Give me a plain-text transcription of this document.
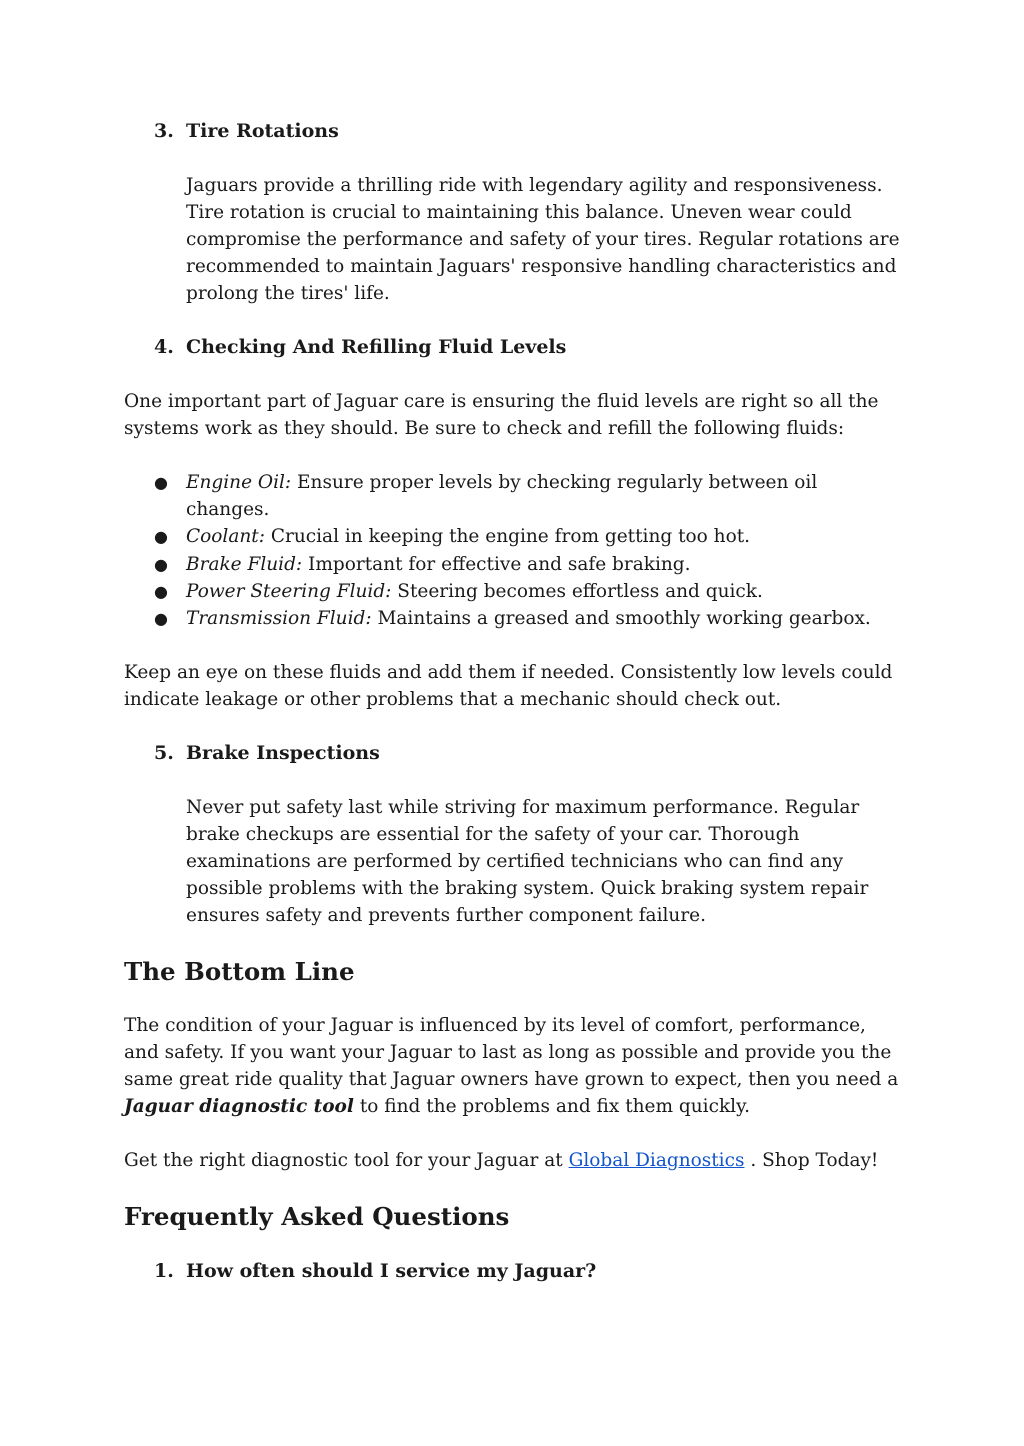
3. Tire Rotations

Jaguars provide a thrilling ride with legendary agility and responsiveness. Tire rotation is crucial to maintaining this balance. Uneven wear could compromise the performance and safety of your tires. Regular rotations are recommended to maintain Jaguars' responsive handling characteristics and prolong the tires' life.

4. Checking And Refilling Fluid Levels

One important part of Jaguar care is ensuring the fluid levels are right so all the systems work as they should. Be sure to check and refill the following fluids:

● Engine Oil: Ensure proper levels by checking regularly between oil changes.
● Coolant: Crucial in keeping the engine from getting too hot.
● Brake Fluid: Important for effective and safe braking.
● Power Steering Fluid: Steering becomes effortless and quick.
● Transmission Fluid: Maintains a greased and smoothly working gearbox.

Keep an eye on these fluids and add them if needed. Consistently low levels could indicate leakage or other problems that a mechanic should check out.

5. Brake Inspections

Never put safety last while striving for maximum performance. Regular brake checkups are essential for the safety of your car. Thorough examinations are performed by certified technicians who can find any possible problems with the braking system. Quick braking system repair ensures safety and prevents further component failure.

The Bottom Line

The condition of your Jaguar is influenced by its level of comfort, performance, and safety. If you want your Jaguar to last as long as possible and provide you the same great ride quality that Jaguar owners have grown to expect, then you need a Jaguar diagnostic tool to find the problems and fix them quickly.

Get the right diagnostic tool for your Jaguar at Global Diagnostics . Shop Today!

Frequently Asked Questions
1. How often should I service my Jaguar?
